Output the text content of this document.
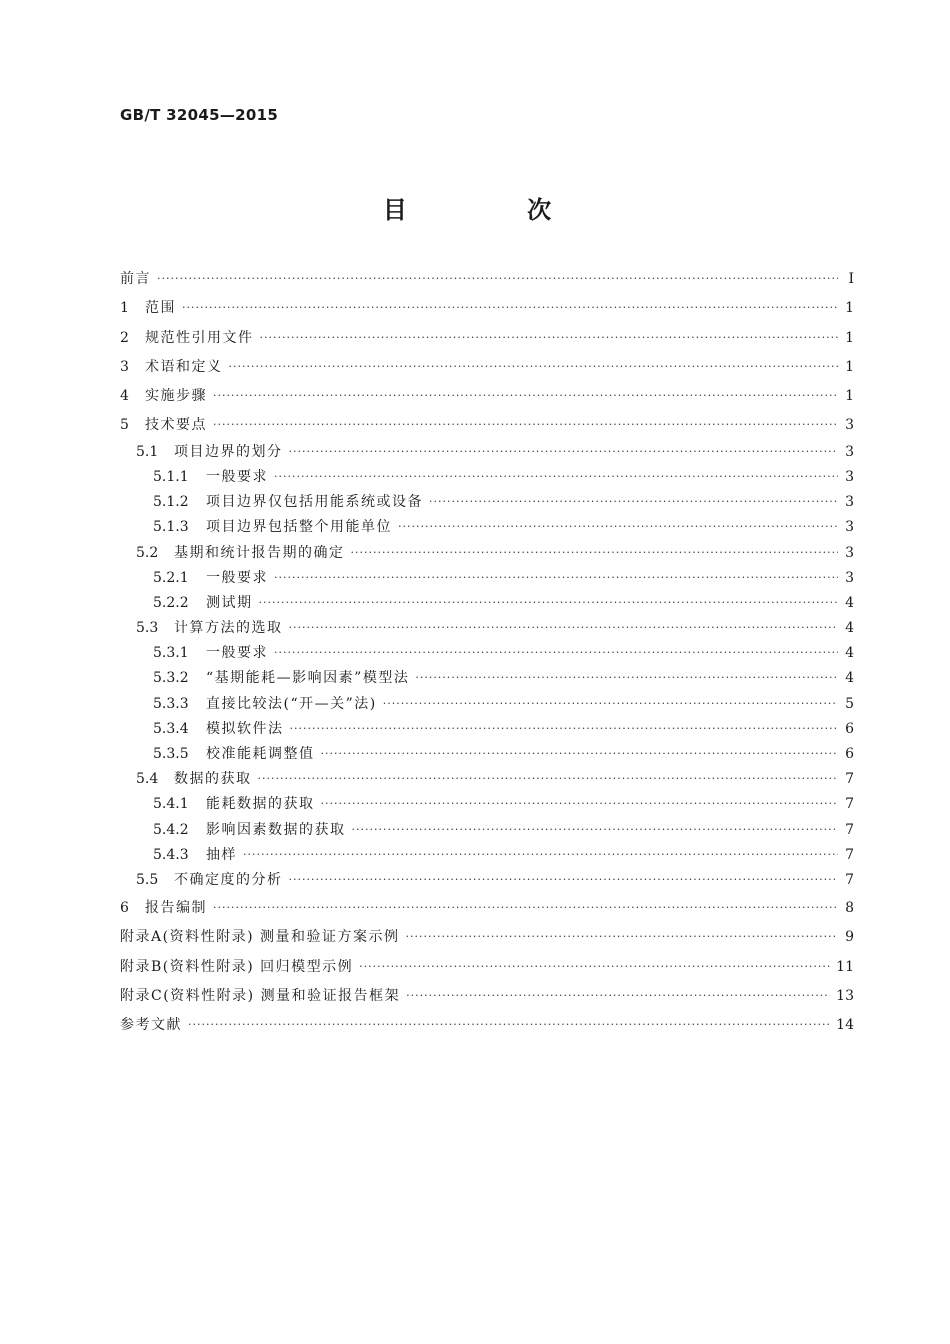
GB/T 32045—2015
目 次
前言 ·····	Ⅰ
1	范围 ·····	1
2	规范性引用文件 ·····	1
3	术语和定义 ·····	1
4	实施步骤 ·····	1
5	技术要点 ·····	3
5.1	项目边界的划分 ·····	3
5.1.1	一般要求 ·····	3
5.1.2	项目边界仅包括用能系统或设备 ·····	3
5.1.3	项目边界包括整个用能单位 ·····	3
5.2	基期和统计报告期的确定 ·····	3
5.2.1	一般要求 ·····	3
5.2.2	测试期 ·····	4
5.3	计算方法的选取 ·····	4
5.3.1	一般要求 ·····	4
5.3.2	“基期能耗—影响因素”模型法 ·····	4
5.3.3	直接比较法(“开—关”法) ·····	5
5.3.4	模拟软件法 ·····	6
5.3.5	校准能耗调整值 ·····	6
5.4	数据的获取 ·····	7
5.4.1	能耗数据的获取 ·····	7
5.4.2	影响因素数据的获取 ·····	7
5.4.3	抽样 ·····	7
5.5	不确定度的分析 ·····	7
6	报告编制 ·····	8
附录A(资料性附录) 测量和验证方案示例 ·····	9
附录B(资料性附录) 回归模型示例 ·····	11
附录C(资料性附录) 测量和验证报告框架 ·····	13
参考文献 ·····	14
